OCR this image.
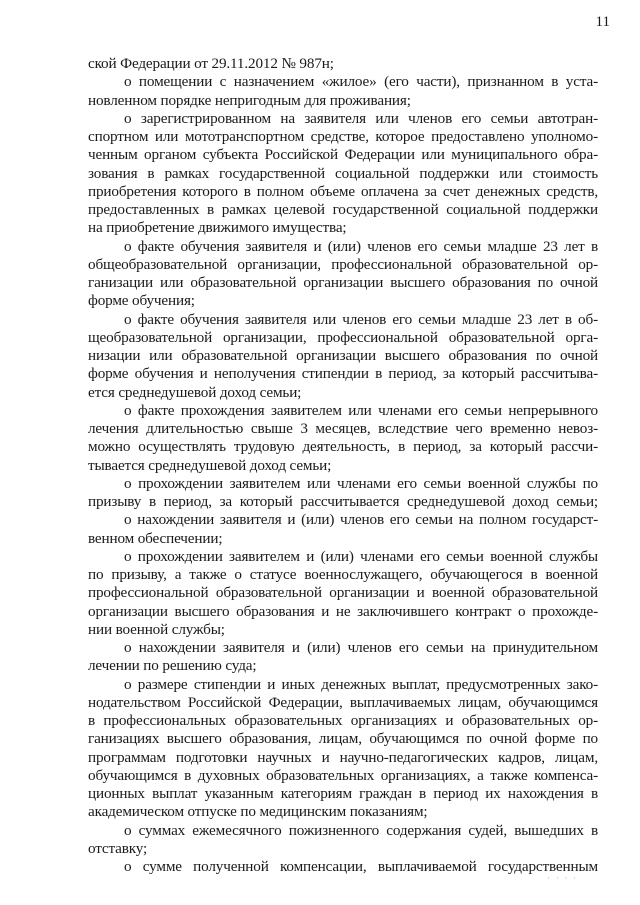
11
ской Федерации от 29.11.2012 № 987н;
о помещении с назначением «жилое» (его части), признанном в уста-
новленном порядке непригодным для проживания;
о зарегистрированном на заявителя или членов его семьи автотран-
спортном или мототранспортном средстве, которое предоставлено уполномо-
ченным органом субъекта Российской Федерации или муниципального обра-
зования в рамках государственной социальной поддержки или стоимость
приобретения которого в полном объеме оплачена за счет денежных средств,
предоставленных в рамках целевой государственной социальной поддержки
на приобретение движимого имущества;
о факте обучения заявителя и (или) членов его семьи младше 23 лет в
общеобразовательной организации, профессиональной образовательной ор-
ганизации или образовательной организации высшего образования по очной
форме обучения;
о факте обучения заявителя или членов его семьи младше 23 лет в об-
щеобразовательной организации, профессиональной образовательной орга-
низации или образовательной организации высшего образования по очной
форме обучения и неполучения стипендии в период, за который рассчитыва-
ется среднедушевой доход семьи;
о факте прохождения заявителем или членами его семьи непрерывного
лечения длительностью свыше 3 месяцев, вследствие чего временно невоз-
можно осуществлять трудовую деятельность, в период, за который рассчи-
тывается среднедушевой доход семьи;
о прохождении заявителем или членами его семьи военной службы по
призыву в период, за который рассчитывается среднедушевой доход семьи;
о нахождении заявителя и (или) членов его семьи на полном государст-
венном обеспечении;
о прохождении заявителем и (или) членами его семьи военной службы
по призыву, а также о статусе военнослужащего, обучающегося в военной
профессиональной образовательной организации и военной образовательной
организации высшего образования и не заключившего контракт о прохожде-
нии военной службы;
о нахождении заявителя и (или) членов его семьи на принудительном
лечении по решению суда;
о размере стипендии и иных денежных выплат, предусмотренных зако-
нодательством Российской Федерации, выплачиваемых лицам, обучающимся
в профессиональных образовательных организациях и образовательных ор-
ганизациях высшего образования, лицам, обучающимся по очной форме по
программам подготовки научных и научно-педагогических кадров, лицам,
обучающимся в духовных образовательных организациях, а также компенса-
ционных выплат указанным категориям граждан в период их нахождения в
академическом отпуске по медицинским показаниям;
о суммах ежемесячного пожизненного содержания судей, вышедших в
отставку;
о сумме полученной компенсации, выплачиваемой государственным
· · · ·
